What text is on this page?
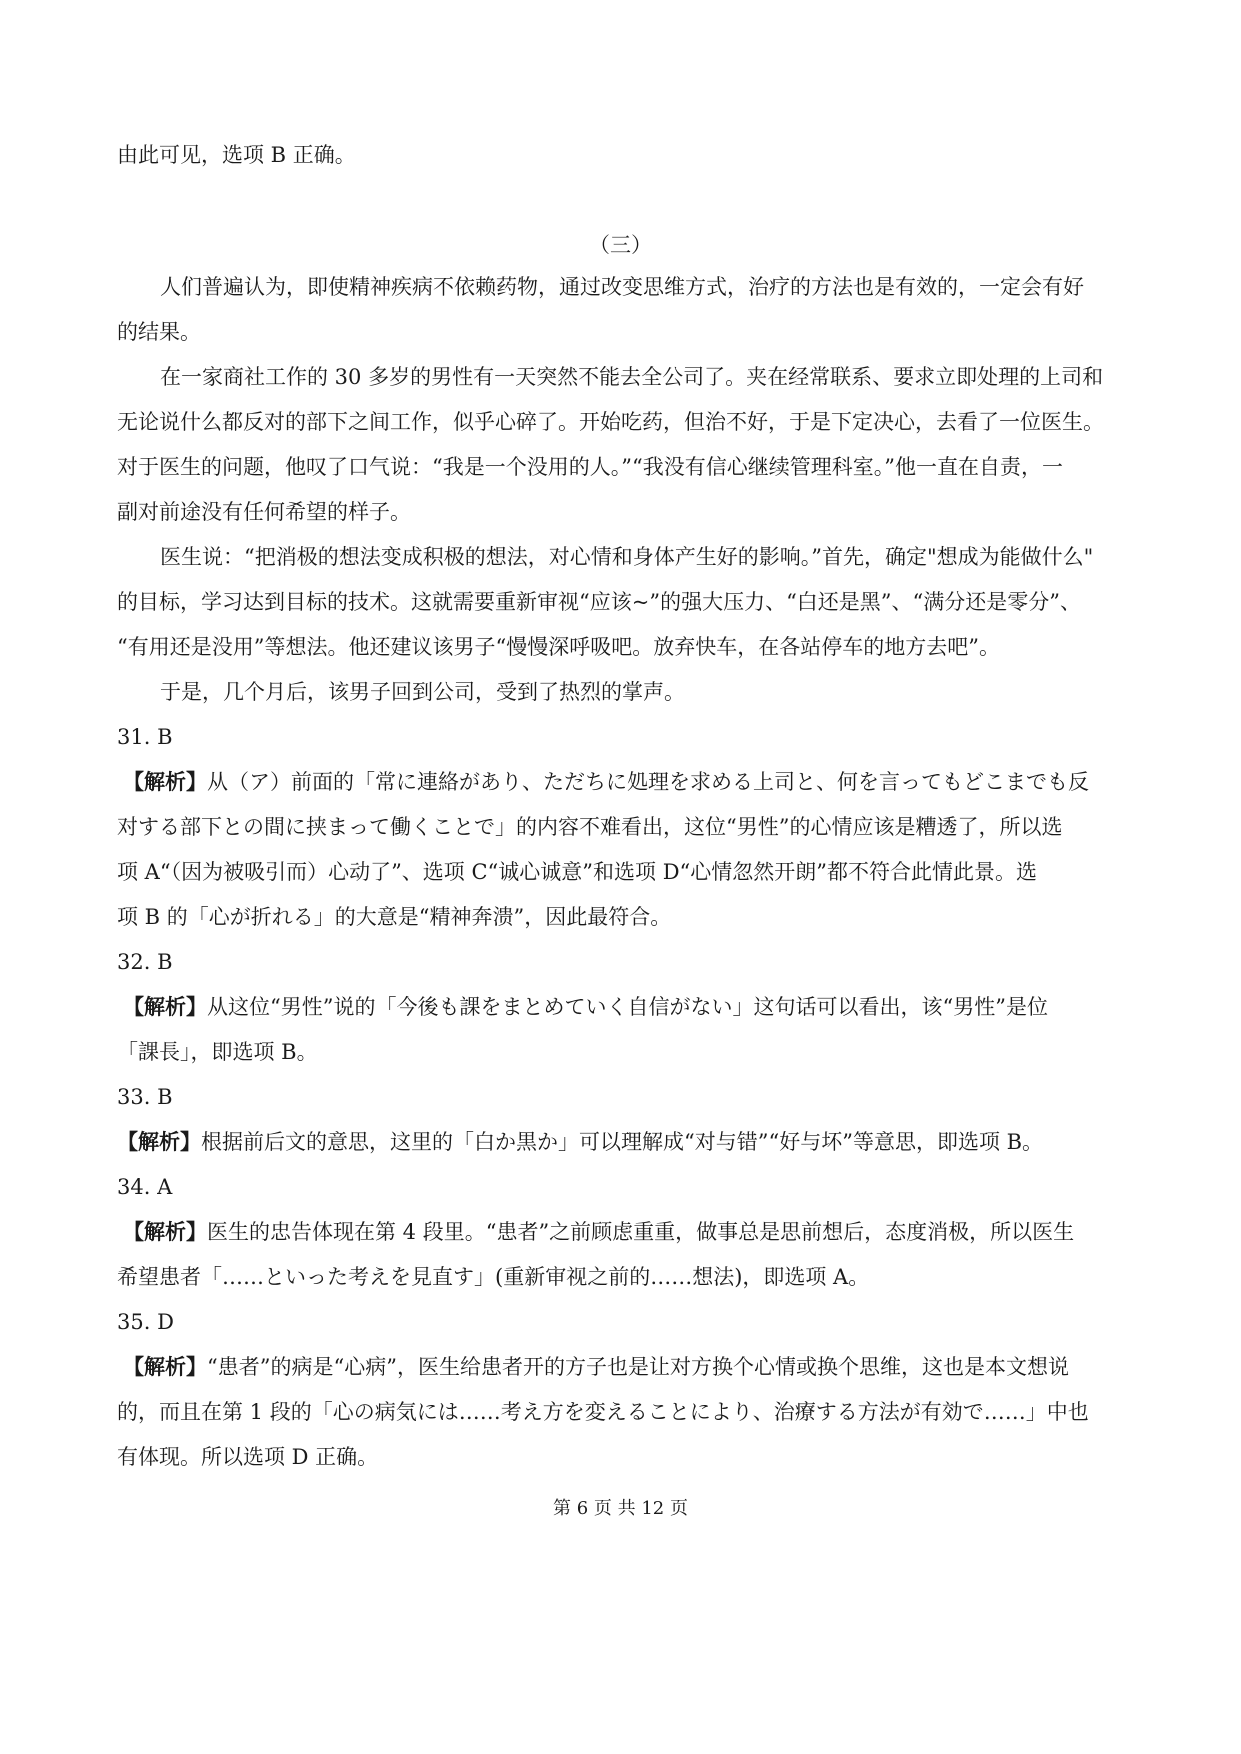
由此可见，选项 B 正确。
（三）
人们普遍认为，即使精神疾病不依赖药物，通过改变思维方式，治疗的方法也是有效的，一定会有好
的结果。
在一家商社工作的 30 多岁的男性有一天突然不能去全公司了。夹在经常联系、要求立即处理的上司和
无论说什么都反对的部下之间工作，似乎心碎了。开始吃药，但治不好，于是下定决心，去看了一位医生。
对于医生的问题，他叹了口气说：“我是一个没用的人。”“我没有信心继续管理科室。”他一直在自责，一
副对前途没有任何希望的样子。
医生说：“把消极的想法变成积极的想法，对心情和身体产生好的影响。”首先，确定"想成为能做什么"
的目标，学习达到目标的技术。这就需要重新审视“应该~”的强大压力、“白还是黑”、“满分还是零分”、
“有用还是没用”等想法。他还建议该男子“慢慢深呼吸吧。放弃快车，在各站停车的地方去吧”。
于是，几个月后，该男子回到公司，受到了热烈的掌声。
31. B
【解析】从（ア）前面的「常に連絡があり、ただちに処理を求める上司と、何を言ってもどこまでも反
对する部下との間に挟まって働くことで」的内容不难看出，这位“男性”的心情应该是糟透了，所以选
项 A“（因为被吸引而）心动了”、选项 C“诚心诚意”和选项 D“心情忽然开朗”都不符合此情此景。选
项 B 的「心が折れる」的大意是“精神奔溃”，因此最符合。
32. B
【解析】从这位“男性”说的「今後も課をまとめていく自信がない」这句话可以看出，该“男性”是位
「課長」，即选项 B。
33. B
【解析】根据前后文的意思，这里的「白か黒か」可以理解成“对与错”“好与坏”等意思，即选项 B。
34. A
【解析】医生的忠告体现在第 4 段里。“患者”之前顾虑重重，做事总是思前想后，态度消极，所以医生
希望患者「……といった考えを見直す」(重新审视之前的……想法)，即选项 A。
35. D
【解析】“患者”的病是“心病”，医生给患者开的方子也是让对方换个心情或换个思维，这也是本文想说
的，而且在第 1 段的「心の病気には……考え方を変えることにより、治療する方法が有効で……」中也
有体现。所以选项 D 正确。
第 6 页 共 12 页
